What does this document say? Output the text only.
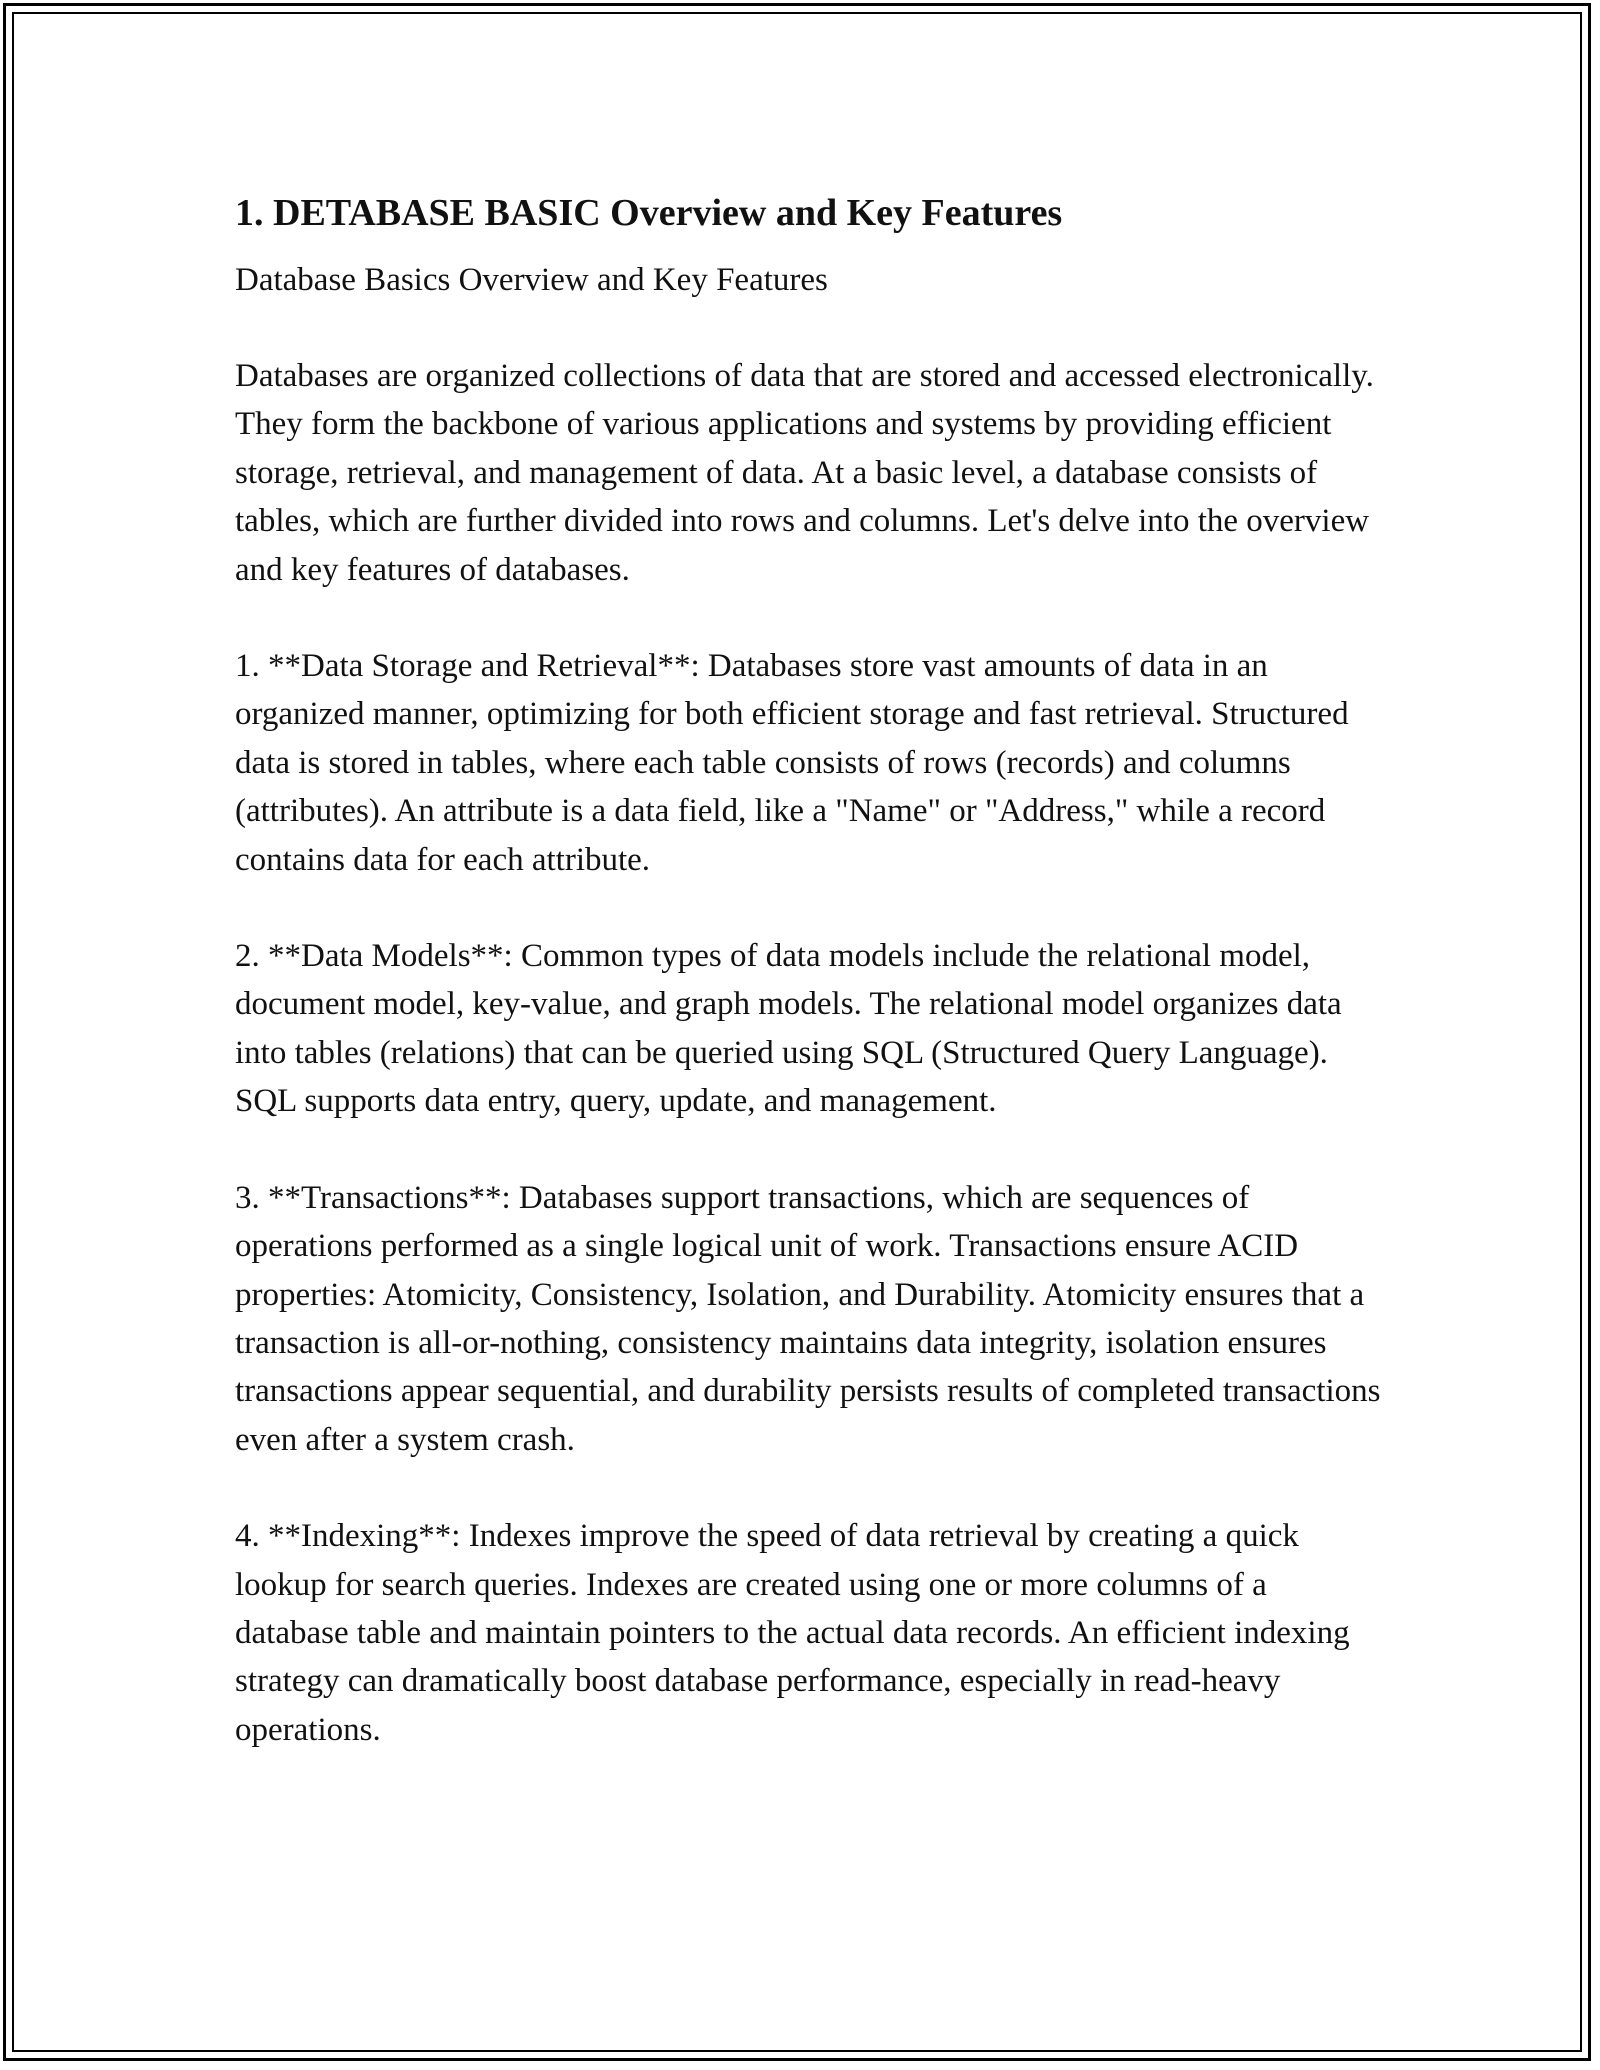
1. DETABASE BASIC Overview and Key Features

Database Basics Overview and Key Features

Databases are organized collections of data that are stored and accessed electronically. They form the backbone of various applications and systems by providing efficient storage, retrieval, and management of data. At a basic level, a database consists of tables, which are further divided into rows and columns. Let's delve into the overview and key features of databases.

1. **Data Storage and Retrieval**: Databases store vast amounts of data in an organized manner, optimizing for both efficient storage and fast retrieval. Structured data is stored in tables, where each table consists of rows (records) and columns (attributes). An attribute is a data field, like a "Name" or "Address," while a record contains data for each attribute.

2. **Data Models**: Common types of data models include the relational model, document model, key-value, and graph models. The relational model organizes data into tables (relations) that can be queried using SQL (Structured Query Language). SQL supports data entry, query, update, and management.

3. **Transactions**: Databases support transactions, which are sequences of operations performed as a single logical unit of work. Transactions ensure ACID properties: Atomicity, Consistency, Isolation, and Durability. Atomicity ensures that a transaction is all-or-nothing, consistency maintains data integrity, isolation ensures transactions appear sequential, and durability persists results of completed transactions even after a system crash.

4. **Indexing**: Indexes improve the speed of data retrieval by creating a quick lookup for search queries. Indexes are created using one or more columns of a database table and maintain pointers to the actual data records. An efficient indexing strategy can dramatically boost database performance, especially in read-heavy operations.
